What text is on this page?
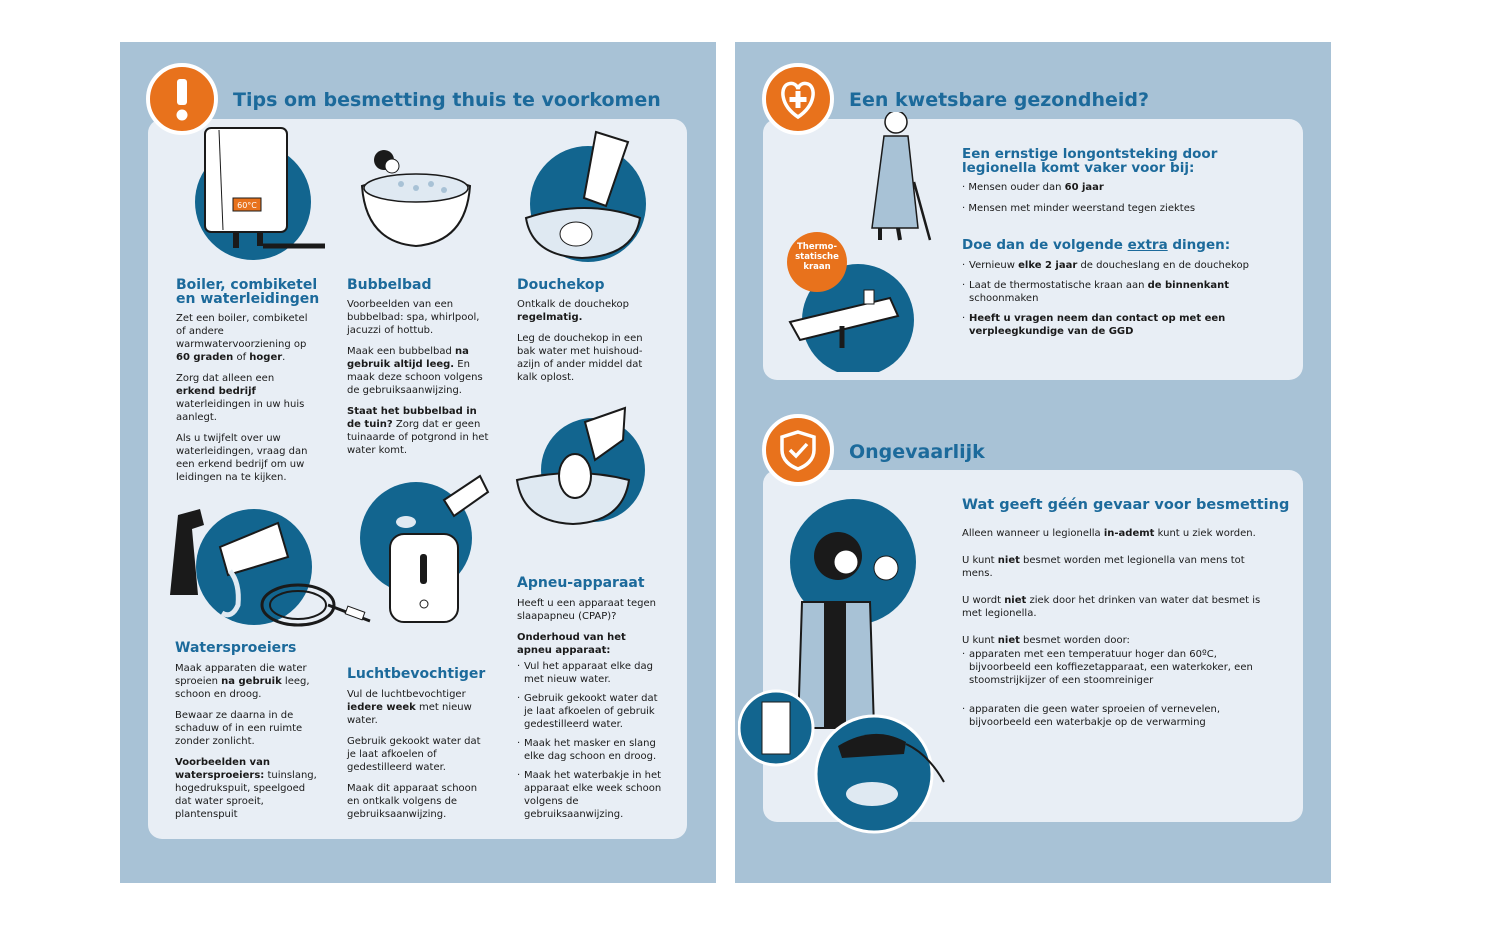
Tips om besmetting thuis te voorkomen
60°C
Boiler, combiketel en waterleidingen

Zet een boiler, combiketel of andere warmwatervoorziening op 60 graden of hoger.

Zorg dat alleen een erkend bedrijf waterleidingen in uw huis aanlegt.

Als u twijfelt over uw waterleidingen, vraag dan een erkend bedrijf om uw leidingen na te kijken.

Bubbelbad

Voorbeelden van een bubbelbad: spa, whirlpool, jacuzzi of hottub.

Maak een bubbelbad na gebruik altijd leeg. En maak deze schoon volgens de gebruiksaanwijzing.

Staat het bubbelbad in de tuin? Zorg dat er geen tuinaarde of potgrond in het water komt.

Douchekop

Ontkalk de douchekop regelmatig.

Leg de douchekop in een bak water met huishoud-azijn of ander middel dat kalk oplost.

Watersproeiers

Maak apparaten die water sproeien na gebruik leeg, schoon en droog.

Bewaar ze daarna in de schaduw of in een ruimte zonder zonlicht.

Voorbeelden van watersproeiers: tuinslang, hogedrukspuit, speelgoed dat water sproeit, plantenspuit

Luchtbevochtiger

Vul de luchtbevochtiger iedere week met nieuw water.

Gebruik gekookt water dat je laat afkoelen of gedestilleerd water.

Maak dit apparaat schoon en ontkalk volgens de gebruiksaanwijzing.

Apneu-apparaat

Heeft u een apparaat tegen slaapapneu (CPAP)?

Onderhoud van het apneu apparaat:

· Vul het apparaat elke dag met nieuw water.
· Gebruik gekookt water dat je laat afkoelen of gebruik gedestilleerd water.
· Maak het masker en slang elke dag schoon en droog.
· Maak het waterbakje in het apparaat elke week schoon volgens de gebruiksaanwijzing.
Een kwetsbare gezondheid?
Thermo-statische kraan
Een ernstige longontsteking door legionella komt vaker voor bij:
· Mensen ouder dan 60 jaar
· Mensen met minder weerstand tegen ziektes
Doe dan de volgende extra dingen:
· Vernieuw elke 2 jaar de doucheslang en de douchekop
· Laat de thermostatische kraan aan de binnenkant schoonmaken
· Heeft u vragen neem dan contact op met een verpleegkundige van de GGD
Ongevaarlijk
Wat geeft géén gevaar voor besmetting

Alleen wanneer u legionella in-ademt kunt u ziek worden.

U kunt niet besmet worden met legionella van mens tot mens.

U wordt niet ziek door het drinken van water dat besmet is met legionella.

U kunt niet besmet worden door:

· apparaten met een temperatuur hoger dan 60ºC, bijvoorbeeld een koffiezetapparaat, een waterkoker, een stoomstrijkijzer of een stoomreiniger
· apparaten die geen water sproeien of vernevelen, bijvoorbeeld een waterbakje op de verwarming
